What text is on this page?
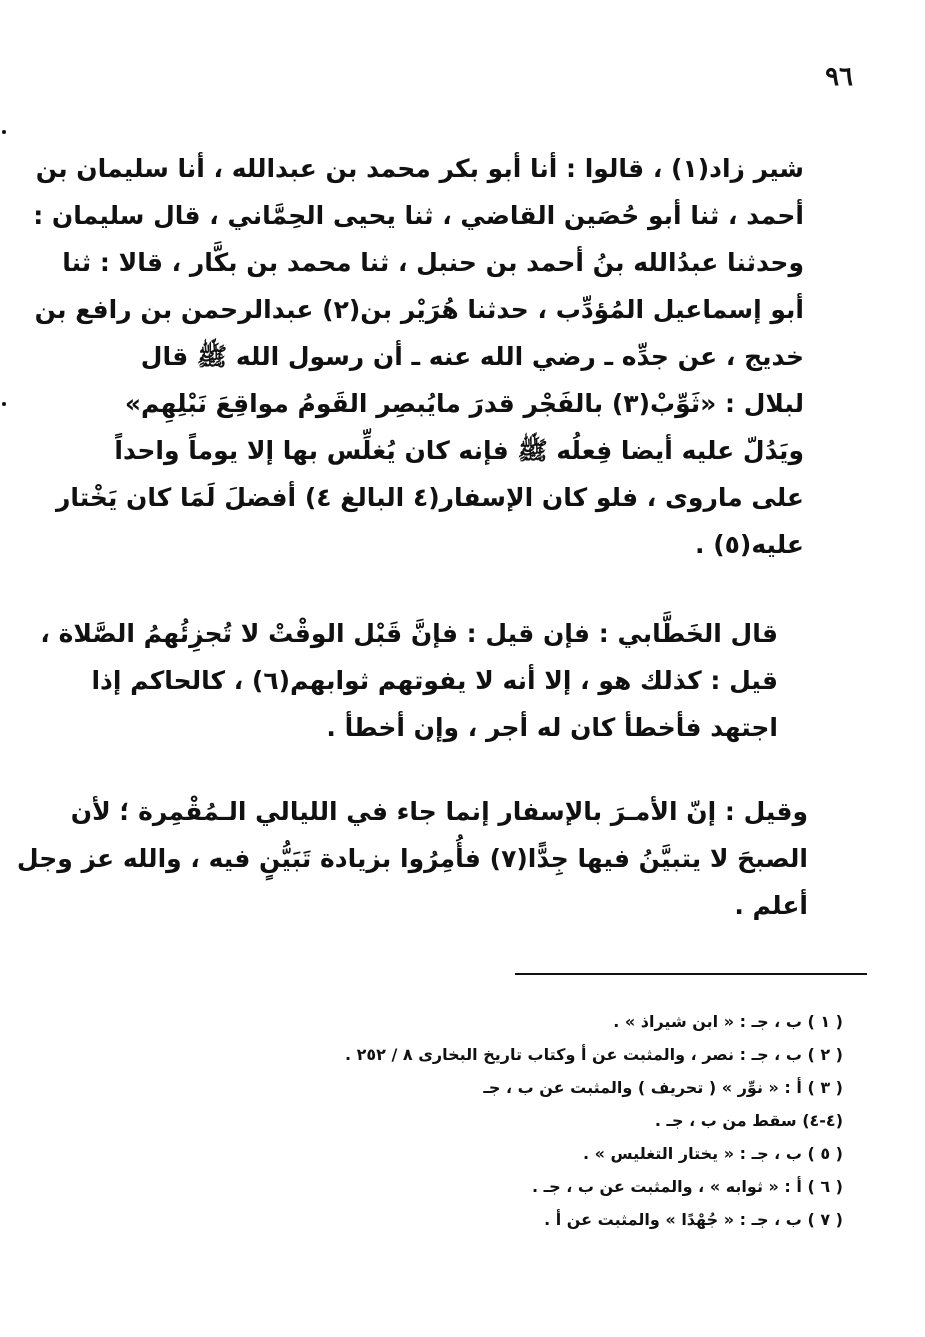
٩٦
شير زاد(١) ، قالوا : أنا أبو بكر محمد بن عبدالله ، أنا سليمان بن
أحمد ، ثنا أبو حُصَين القاضي ، ثنا يحيى الحِمَّاني ، قال سليمان :
وحدثنا عبدُالله بنُ أحمد بن حنبل ، ثنا محمد بن بكَّار ، قالا : ثنا
أبو إسماعيل المُؤدِّب ، حدثنا هُرَيْر بن(٢) عبدالرحمن بن رافع بن
خديج ، عن جدِّه ـ رضي الله عنه ـ أن رسول الله ﷺ قال
لبلال : «ثَوِّبْ(٣) بالفَجْر قدرَ مايُبصِر القَومُ مواقِعَ نَبْلِهِم»
ويَدُلّ عليه أيضا فِعلُه ﷺ فإنه كان يُغلِّس بها إلا يوماً واحداً
على ماروى ، فلو كان الإسفار(٤ البالغ ٤) أفضلَ لَمَا كان يَخْتار
عليه(٥) .
قال الخَطَّابي : فإن قيل : فإنَّ قَبْل الوقْتْ لا تُجزِئُهمُ الصَّلاة ،
قيل : كذلك هو ، إلا أنه لا يفوتهم ثوابهم(٦) ، كالحاكم إذا
اجتهد فأخطأ كان له أجر ، وإن أخطأ .
وقيل : إنّ الأمـرَ بالإسفار إنما جاء في الليالي الـمُقْمِرة ؛ لأن
الصبحَ لا يتبيَّنُ فيها جِدًّا(٧) فأُمِرُوا بزيادة تَبَيُّنٍ فيه ، والله عز وجل
أعلم .
( ١ ) ب ، جـ : « ابن شيراذ » .
( ٢ ) ب ، جـ : نصر ، والمثبت عن أ وكتاب تاريخ البخارى ٨ / ٢٥٢ .
( ٣ ) أ : « نوِّر » ( تحريف ) والمثبت عن ب ، جـ
(٤-٤) سقط من ب ، جـ .
( ٥ ) ب ، جـ : « يختار التغليس » .
( ٦ ) أ : « ثوابه » ، والمثبت عن ب ، جـ .
( ٧ ) ب ، جـ : « جُهْدًا » والمثبت عن أ .
